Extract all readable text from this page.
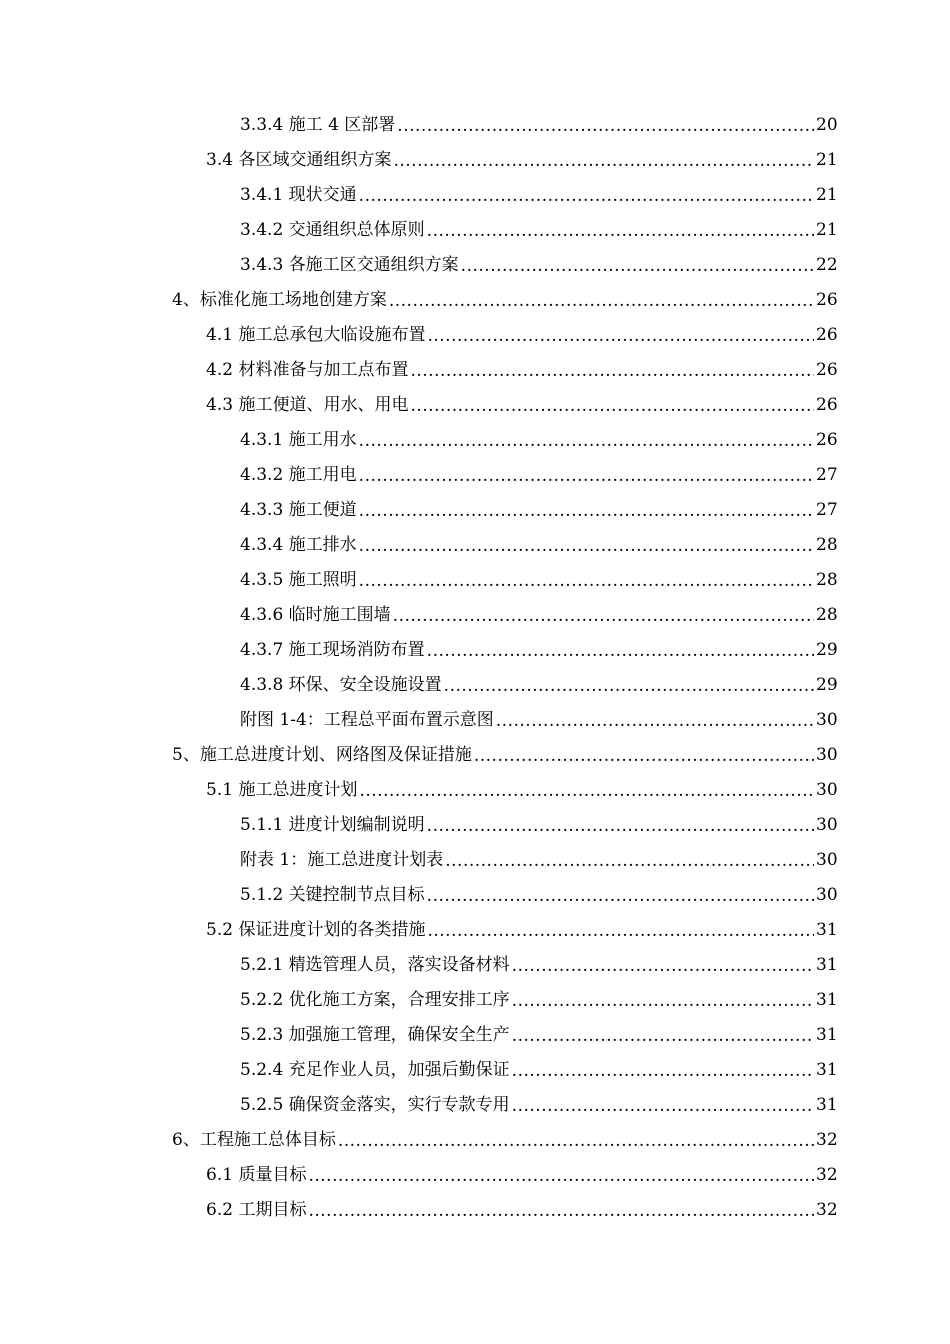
3.3.4 施工 4 区部署 .....	20
3.4 各区域交通组织方案 .....	21
3.4.1 现状交通 .....	21
3.4.2 交通组织总体原则 .....	21
3.4.3 各施工区交通组织方案 .....	22
4、标准化施工场地创建方案 .....	26
4.1 施工总承包大临设施布置 .....	26
4.2 材料准备与加工点布置 .....	26
4.3 施工便道、用水、用电 .....	26
4.3.1 施工用水 .....	26
4.3.2 施工用电 .....	27
4.3.3 施工便道 .....	27
4.3.4 施工排水 .....	28
4.3.5 施工照明 .....	28
4.3.6 临时施工围墙 .....	28
4.3.7 施工现场消防布置 .....	29
4.3.8 环保、安全设施设置 .....	29
附图 1-4：工程总平面布置示意图 .....	30
5、施工总进度计划、网络图及保证措施 .....	30
5.1 施工总进度计划 .....	30
5.1.1 进度计划编制说明 .....	30
附表 1：施工总进度计划表 .....	30
5.1.2 关键控制节点目标 .....	30
5.2 保证进度计划的各类措施 .....	31
5.2.1 精选管理人员，落实设备材料 .....	31
5.2.2 优化施工方案，合理安排工序 .....	31
5.2.3 加强施工管理，确保安全生产 .....	31
5.2.4 充足作业人员，加强后勤保证 .....	31
5.2.5 确保资金落实，实行专款专用 .....	31
6、工程施工总体目标 .....	32
6.1 质量目标 .....	32
6.2 工期目标 .....	32
